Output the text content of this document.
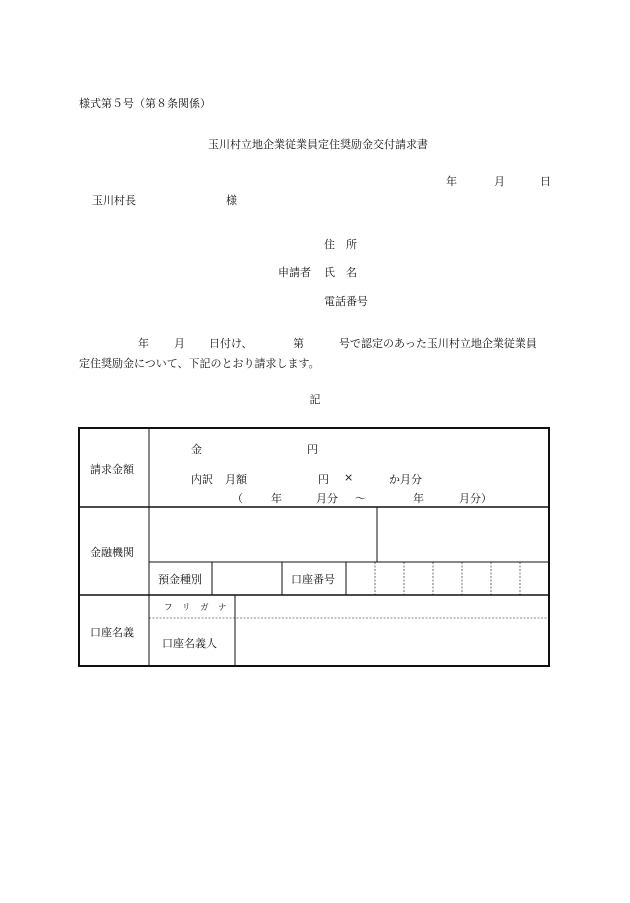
様式第５号（第８条関係）
玉川村立地企業従業員定住奨励金交付請求書
年	月	日
玉川村長	様
住　所
申請者 氏　名
電話番号
年 月 日付け、	第	号で認定のあった玉川村立地企業従業員
定住奨励金について、下記のとおり請求します。
記
請求金額
金	円
内訳 月額	円 ×	か月分
（	年	月分 ～	年	月分）
金融機関
預金種別	口座番号
口座名義
フ　リ　ガ　ナ
口座名義人
